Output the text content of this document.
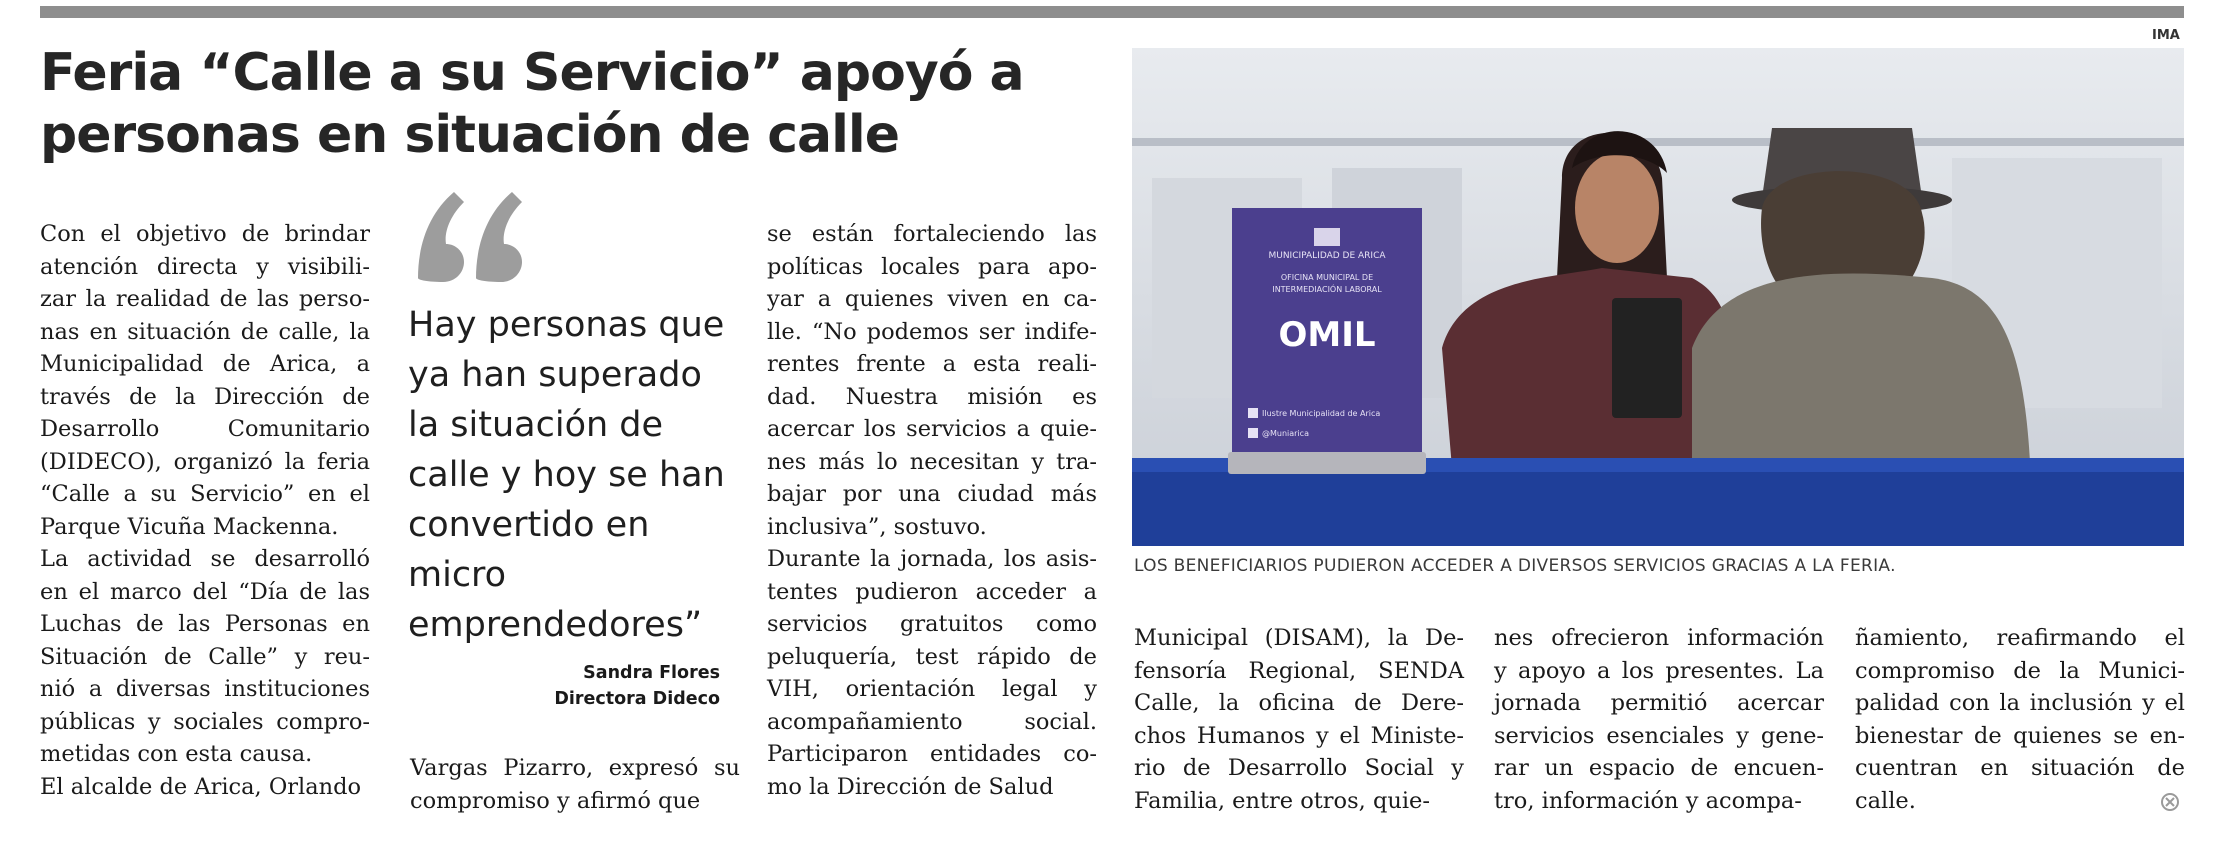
IMA
Feria “Calle a su Servicio” apoyó a
personas en situación de calle
Con el objetivo de brindar
atención directa y visibili-
zar la realidad de las perso-
nas en situación de calle, la
Municipalidad de Arica, a
través de la Dirección de
Desarrollo Comunitario
(DIDECO), organizó la feria
“Calle a su Servicio” en el
Parque Vicuña Mackenna.
La actividad se desarrolló
en el marco del “Día de las
Luchas de las Personas en
Situación de Calle” y reu-
nió a diversas instituciones
públicas y sociales compro-
metidas con esta causa.
El alcalde de Arica, Orlando
Hay personas que
ya han superado
la situación de
calle y hoy se han
convertido en
micro
emprendedores”
Sandra Flores
Directora Dideco
Vargas Pizarro, expresó su
compromiso y afirmó que
se están fortaleciendo las
políticas locales para apo-
yar a quienes viven en ca-
lle. “No podemos ser indife-
rentes frente a esta reali-
dad. Nuestra misión es
acercar los servicios a quie-
nes más lo necesitan y tra-
bajar por una ciudad más
inclusiva”, sostuvo.
Durante la jornada, los asis-
tentes pudieron acceder a
servicios gratuitos como
peluquería, test rápido de
VIH, orientación legal y
acompañamiento social.
Participaron entidades co-
mo la Dirección de Salud
MUNICIPALIDAD DE ARICA
OFICINA MUNICIPAL DE
INTERMEDIACIÓN LABORAL
OMIL
Ilustre Municipalidad de Arica
@Muniarica
LOS BENEFICIARIOS PUDIERON ACCEDER A DIVERSOS SERVICIOS GRACIAS A LA FERIA.
Municipal (DISAM), la De-
fensoría Regional, SENDA
Calle, la oficina de Dere-
chos Humanos y el Ministe-
rio de Desarrollo Social y
Familia, entre otros, quie-
nes ofrecieron información
y apoyo a los presentes. La
jornada permitió acercar
servicios esenciales y gene-
rar un espacio de encuen-
tro, información y acompa-
ñamiento, reafirmando el
compromiso de la Munici-
palidad con la inclusión y el
bienestar de quienes se en-
cuentran en situación de
calle.
